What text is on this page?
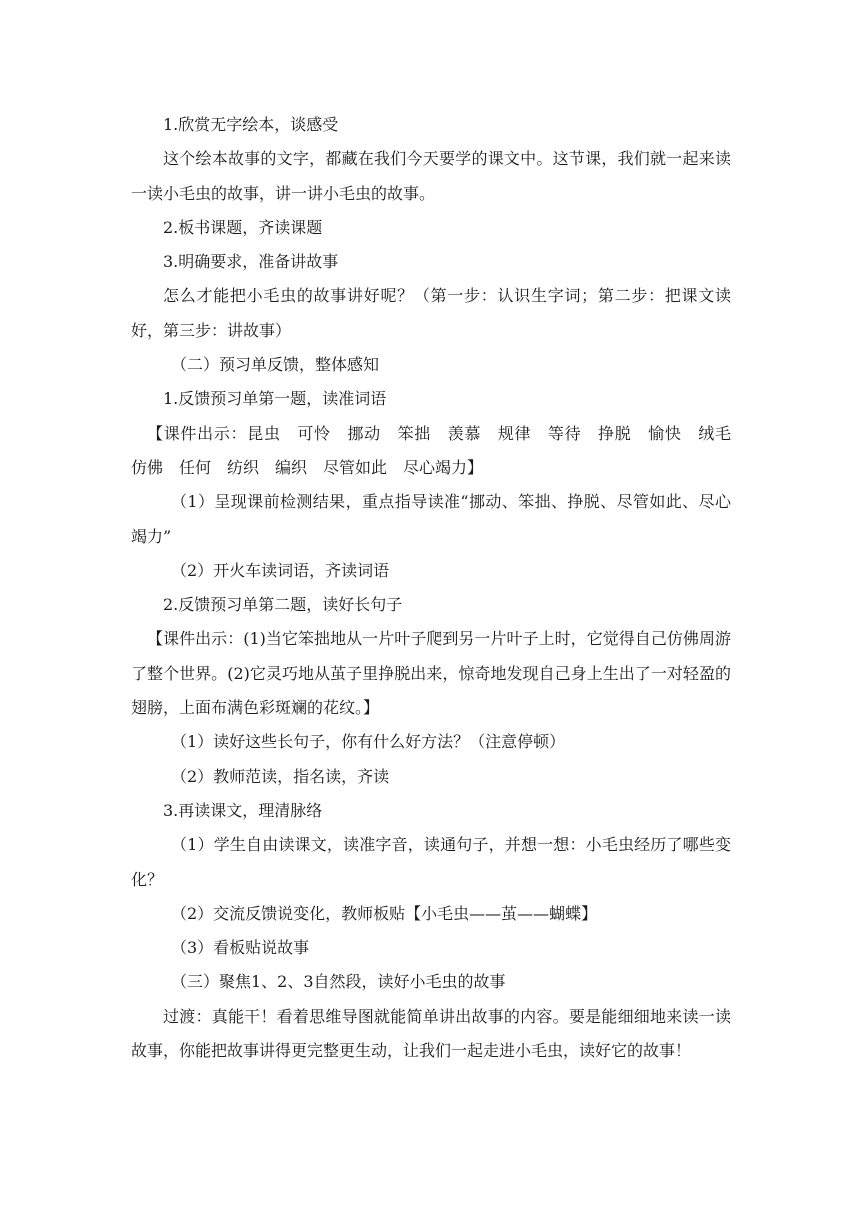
1.欣赏无字绘本，谈感受

这个绘本故事的文字，都藏在我们今天要学的课文中。这节课，我们就一起来读一读小毛虫的故事，讲一讲小毛虫的故事。

2.板书课题，齐读课题

3.明确要求，准备讲故事

怎么才能把小毛虫的故事讲好呢？（第一步：认识生字词；第二步：把课文读好，第三步：讲故事）

（二）预习单反馈，整体感知

1.反馈预习单第一题，读准词语

【课件出示：昆虫　可怜　挪动　笨拙　羡慕　规律　等待　挣脱　愉快　绒毛　仿佛　任何　纺织　编织　尽管如此　尽心竭力】

（1）呈现课前检测结果，重点指导读准“挪动、笨拙、挣脱、尽管如此、尽心竭力”

（2）开火车读词语，齐读词语

2.反馈预习单第二题，读好长句子

【课件出示：(1)当它笨拙地从一片叶子爬到另一片叶子上时，它觉得自己仿佛周游了整个世界。(2)它灵巧地从茧子里挣脱出来，惊奇地发现自己身上生出了一对轻盈的翅膀，上面布满色彩斑斓的花纹。】

（1）读好这些长句子，你有什么好方法？（注意停顿）

（2）教师范读，指名读，齐读

3.再读课文，理清脉络

（1）学生自由读课文，读准字音，读通句子，并想一想：小毛虫经历了哪些变化？

（2）交流反馈说变化，教师板贴【小毛虫——茧——蝴蝶】

（3）看板贴说故事

（三）聚焦1、2、3自然段，读好小毛虫的故事

过渡：真能干！看着思维导图就能简单讲出故事的内容。要是能细细地来读一读故事，你能把故事讲得更完整更生动，让我们一起走进小毛虫，读好它的故事！
